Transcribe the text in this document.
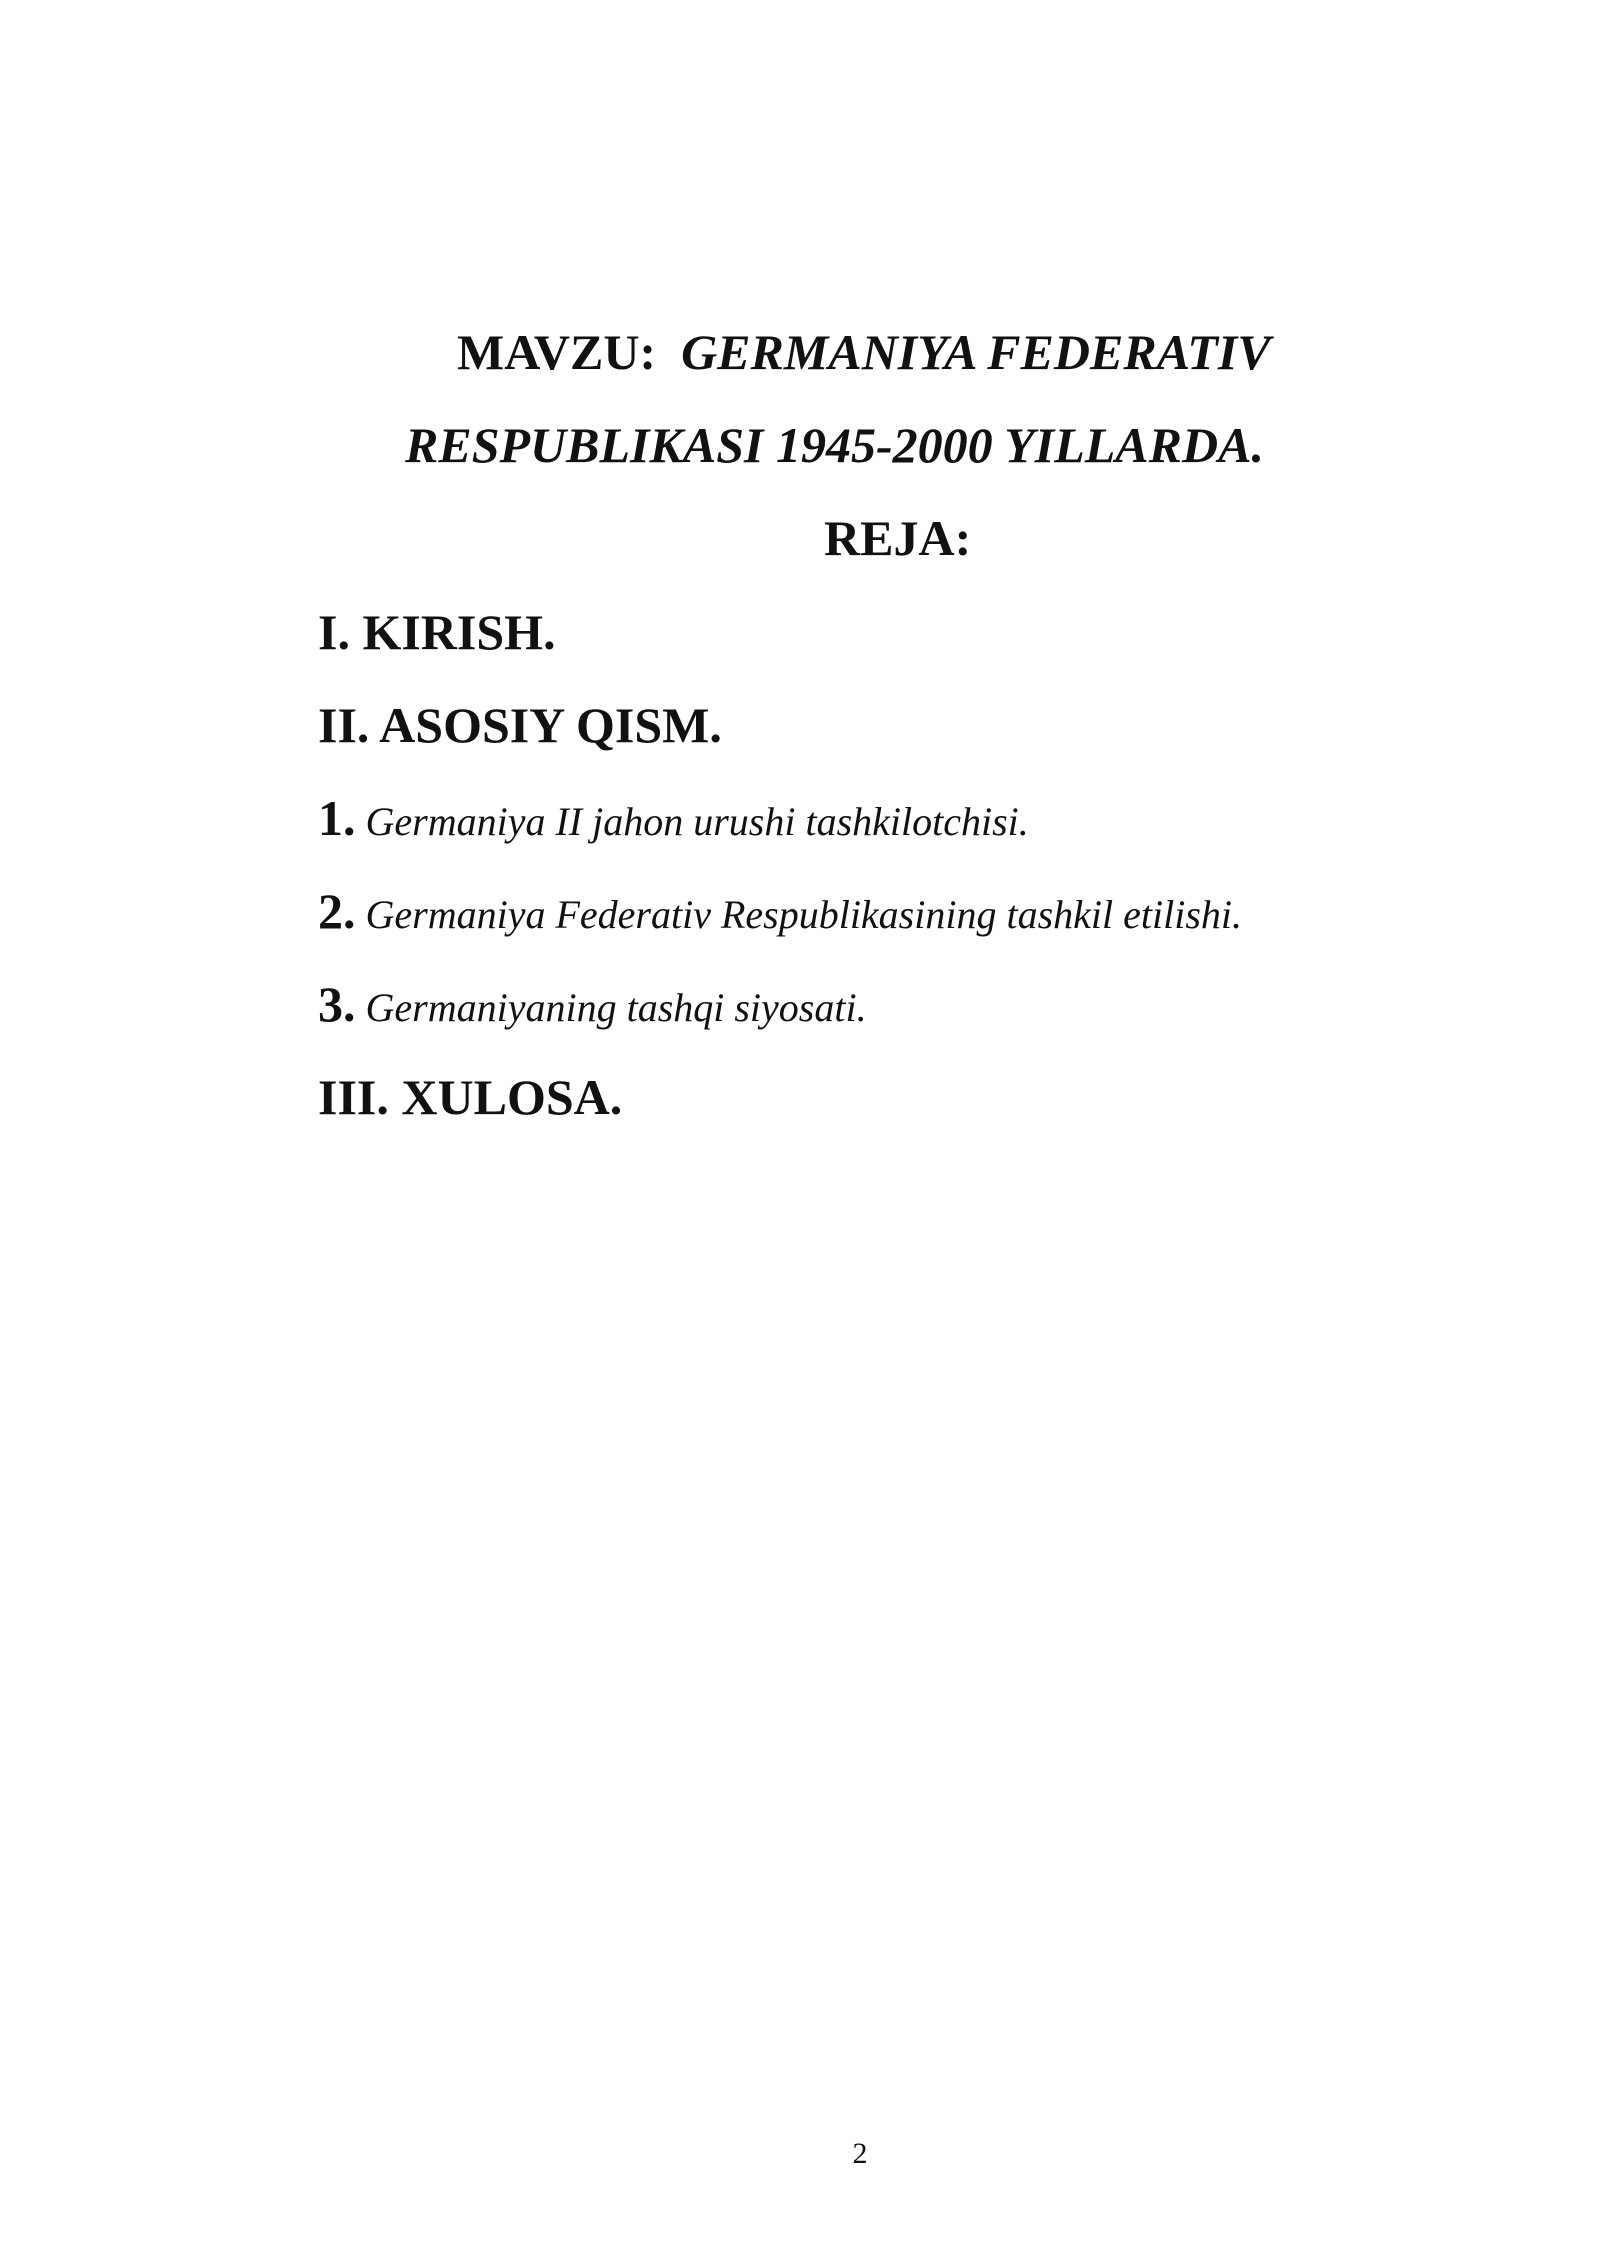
MAVZU: GERMANIYA FEDERATIV
RESPUBLIKASI 1945-2000 YILLARDA.
REJA:
I. KIRISH.
II. ASOSIY QISM.
1. Germaniya II jahon urushi tashkilotchisi.
2. Germaniya Federativ Respublikasining tashkil etilishi.
3. Germaniyaning tashqi siyosati.
III. XULOSA.
2
